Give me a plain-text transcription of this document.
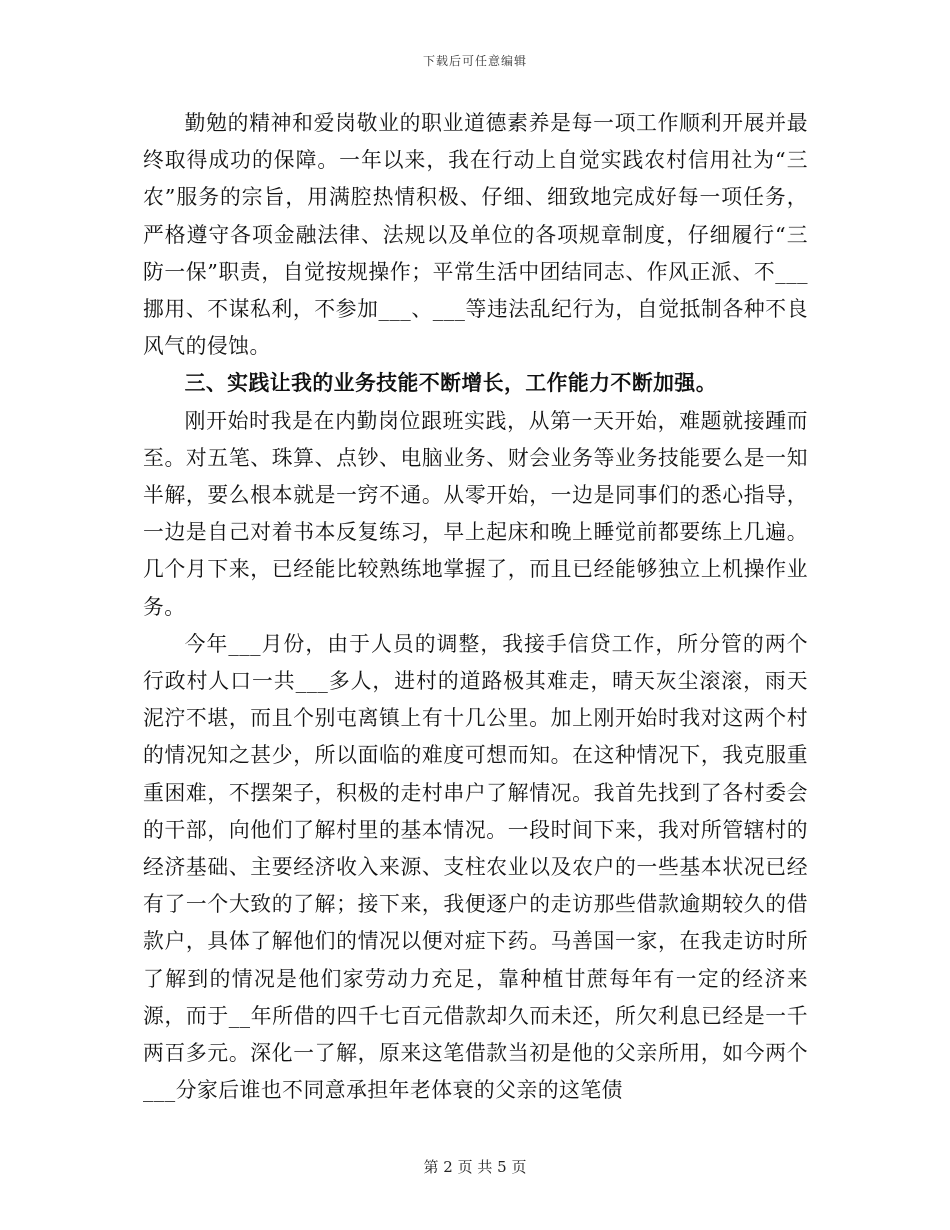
下载后可任意编辑

勤勉的精神和爱岗敬业的职业道德素养是每一项工作顺利开展并最终取得成功的保障。一年以来，我在行动上自觉实践农村信用社为“三农”服务的宗旨，用满腔热情积极、仔细、细致地完成好每一项任务，严格遵守各项金融法律、法规以及单位的各项规章制度，仔细履行“三防一保”职责，自觉按规操作；平常生活中团结同志、作风正派、不___挪用、不谋私利，不参加___、___等违法乱纪行为，自觉抵制各种不良风气的侵蚀。

三、实践让我的业务技能不断增长，工作能力不断加强。

刚开始时我是在内勤岗位跟班实践，从第一天开始，难题就接踵而至。对五笔、珠算、点钞、电脑业务、财会业务等业务技能要么是一知半解，要么根本就是一窍不通。从零开始，一边是同事们的悉心指导，一边是自己对着书本反复练习，早上起床和晚上睡觉前都要练上几遍。几个月下来，已经能比较熟练地掌握了，而且已经能够独立上机操作业务。

今年___月份，由于人员的调整，我接手信贷工作，所分管的两个行政村人口一共___多人，进村的道路极其难走，晴天灰尘滚滚，雨天泥泞不堪，而且个别屯离镇上有十几公里。加上刚开始时我对这两个村的情况知之甚少，所以面临的难度可想而知。在这种情况下，我克服重重困难，不摆架子，积极的走村串户了解情况。我首先找到了各村委会的干部，向他们了解村里的基本情况。一段时间下来，我对所管辖村的经济基础、主要经济收入来源、支柱农业以及农户的一些基本状况已经有了一个大致的了解；接下来，我便逐户的走访那些借款逾期较久的借款户，具体了解他们的情况以便对症下药。马善国一家，在我走访时所了解到的情况是他们家劳动力充足，靠种植甘蔗每年有一定的经济来源，而于__年所借的四千七百元借款却久而未还，所欠利息已经是一千两百多元。深化一了解，原来这笔借款当初是他的父亲所用，如今两个___分家后谁也不同意承担年老体衰的父亲的这笔债

第 2 页 共 5 页
